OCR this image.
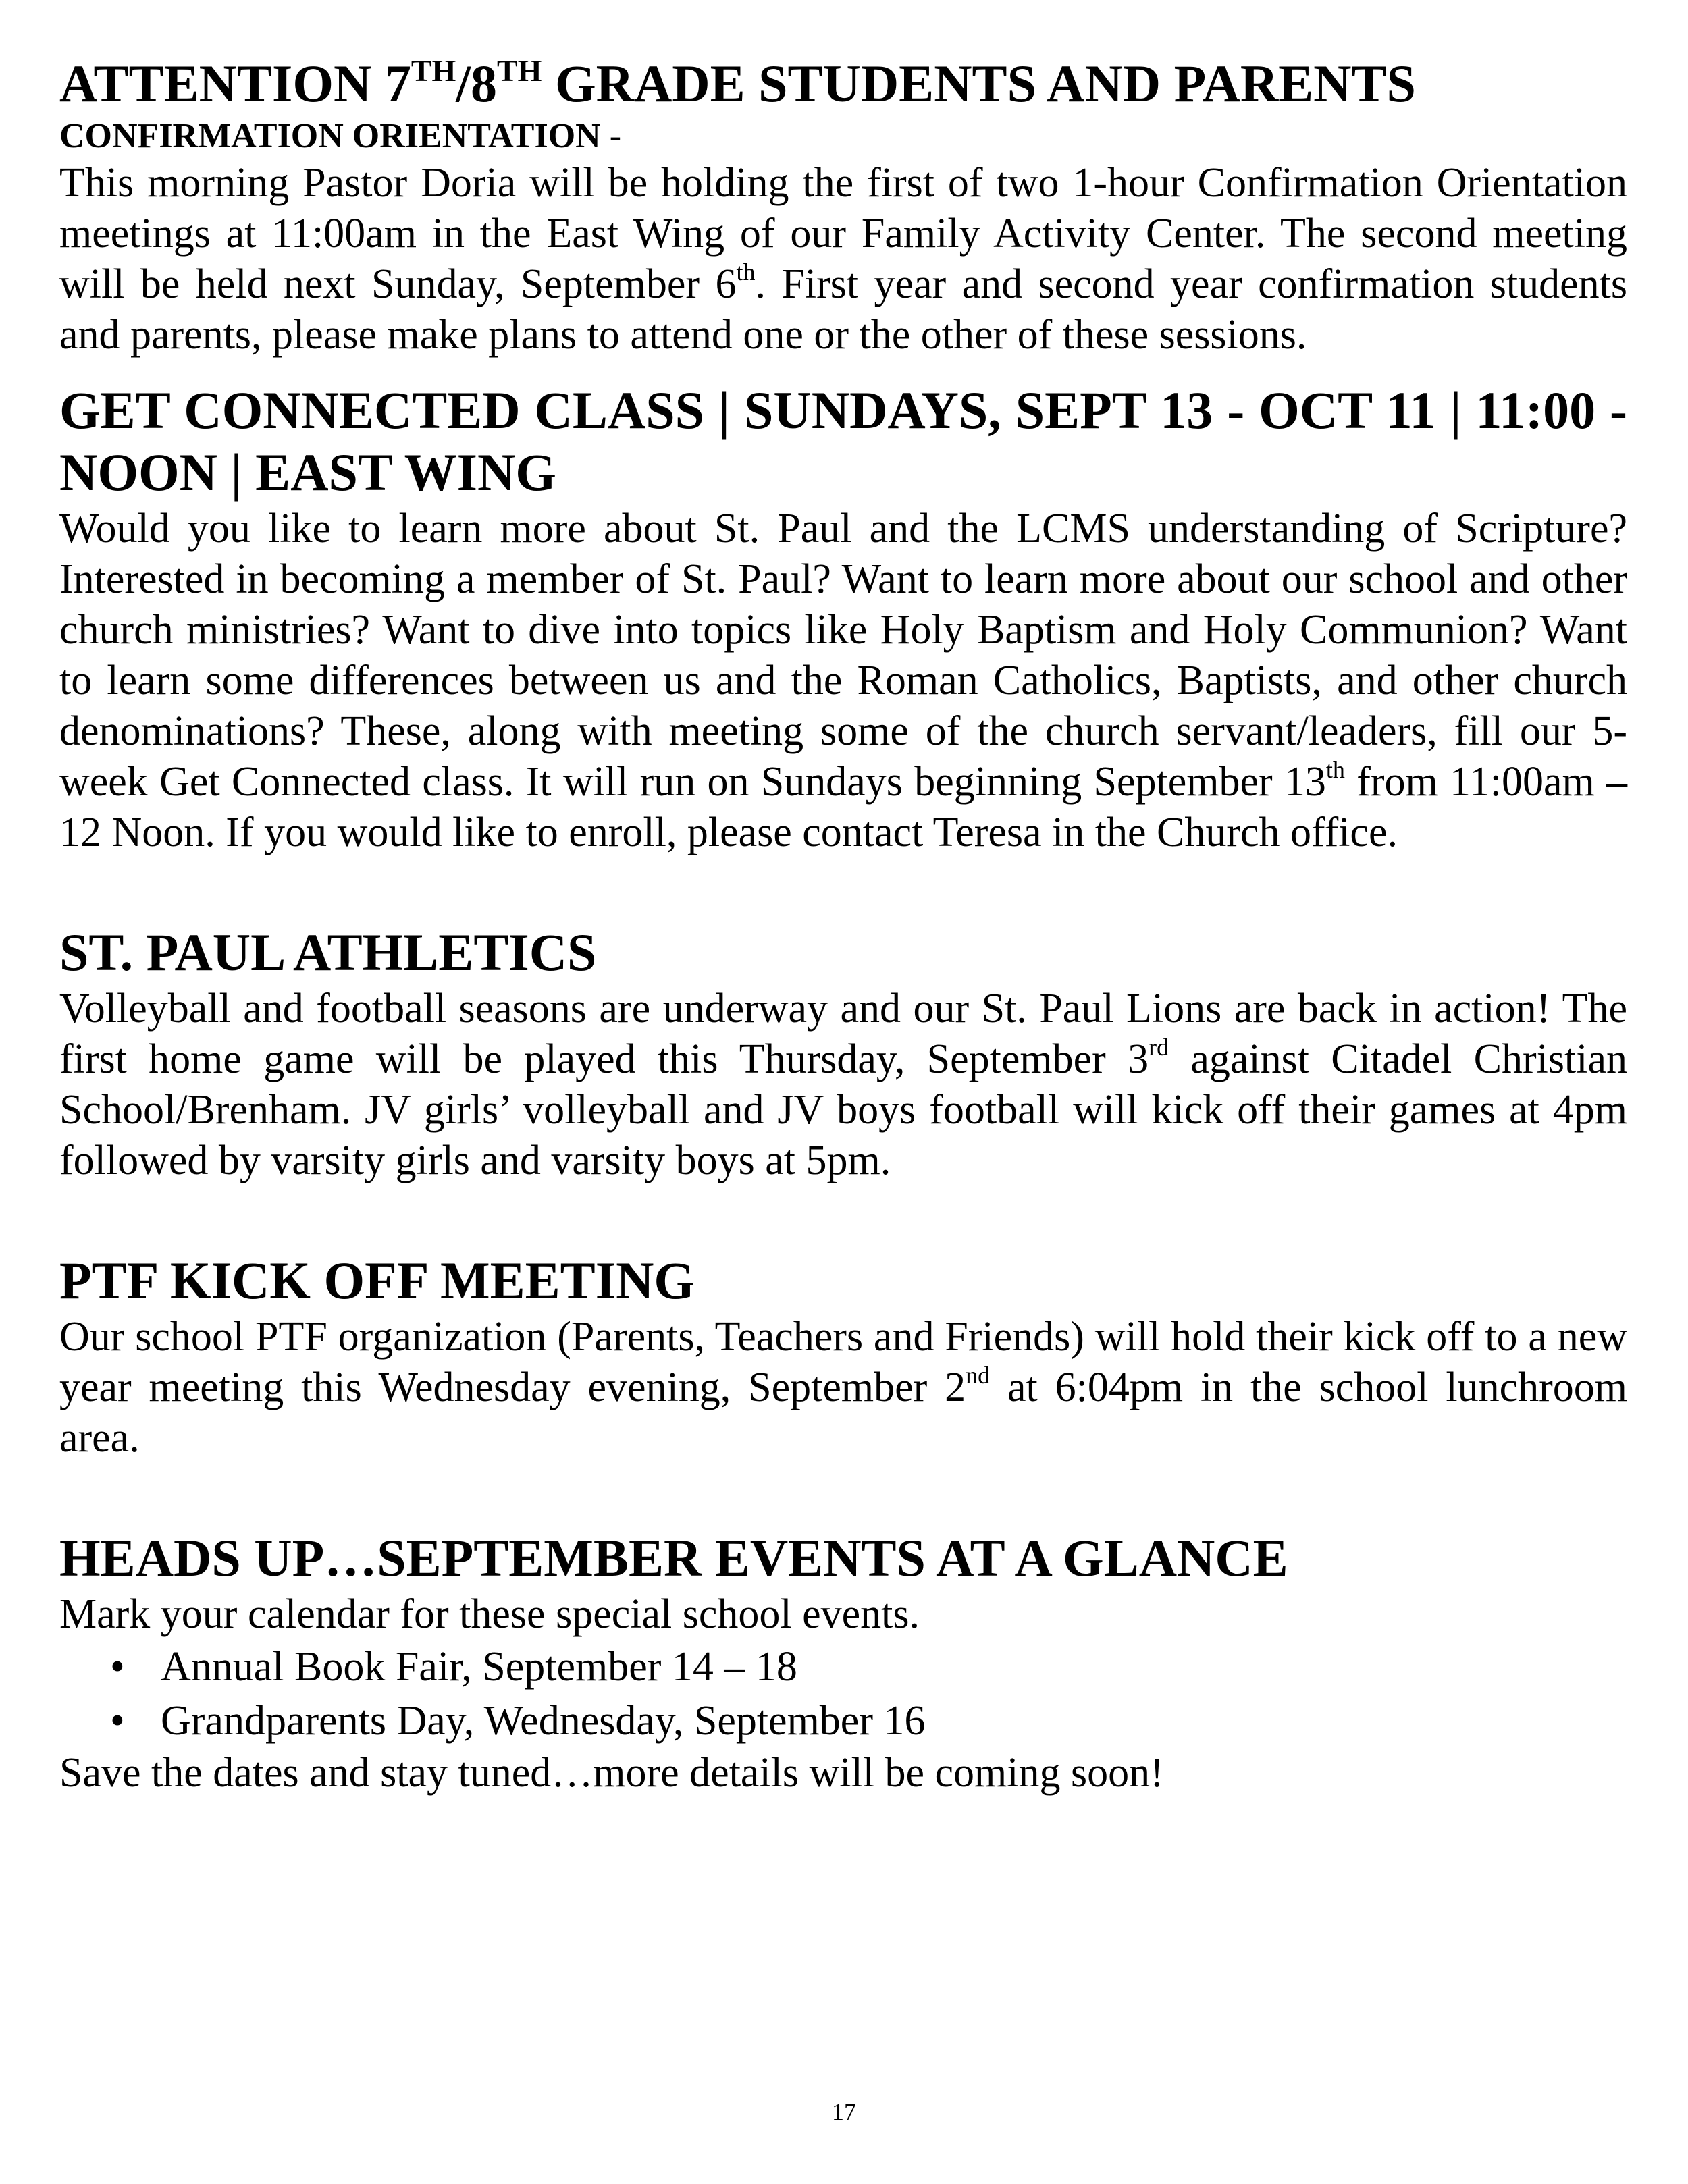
ATTENTION 7TH/8TH GRADE STUDENTS AND PARENTS
CONFIRMATION ORIENTATION -

This morning Pastor Doria will be holding the first of two 1-hour Confirmation Orientation meetings at 11:00am in the East Wing of our Family Activity Center. The second meeting will be held next Sunday, September 6th. First year and second year confirmation students and parents, please make plans to attend one or the other of these sessions.

GET CONNECTED CLASS | SUNDAYS, SEPT 13 - OCT 11 | 11:00 - NOON | EAST WING

Would you like to learn more about St. Paul and the LCMS understanding of Scripture? Interested in becoming a member of St. Paul? Want to learn more about our school and other church ministries? Want to dive into topics like Holy Baptism and Holy Communion? Want to learn some differences between us and the Roman Catholics, Baptists, and other church denominations? These, along with meeting some of the church servant/leaders, fill our 5-week Get Connected class. It will run on Sundays beginning September 13th from 11:00am – 12 Noon. If you would like to enroll, please contact Teresa in the Church office.

ST. PAUL ATHLETICS

Volleyball and football seasons are underway and our St. Paul Lions are back in action! The first home game will be played this Thursday, September 3rd against Citadel Christian School/Brenham. JV girls’ volleyball and JV boys football will kick off their games at 4pm followed by varsity girls and varsity boys at 5pm.

PTF KICK OFF MEETING

Our school PTF organization (Parents, Teachers and Friends) will hold their kick off to a new year meeting this Wednesday evening, September 2nd at 6:04pm in the school lunchroom area.

HEADS UP…SEPTEMBER EVENTS AT A GLANCE

Mark your calendar for these special school events.

• Annual Book Fair, September 14 – 18
• Grandparents Day, Wednesday, September 16

Save the dates and stay tuned…more details will be coming soon!

17
